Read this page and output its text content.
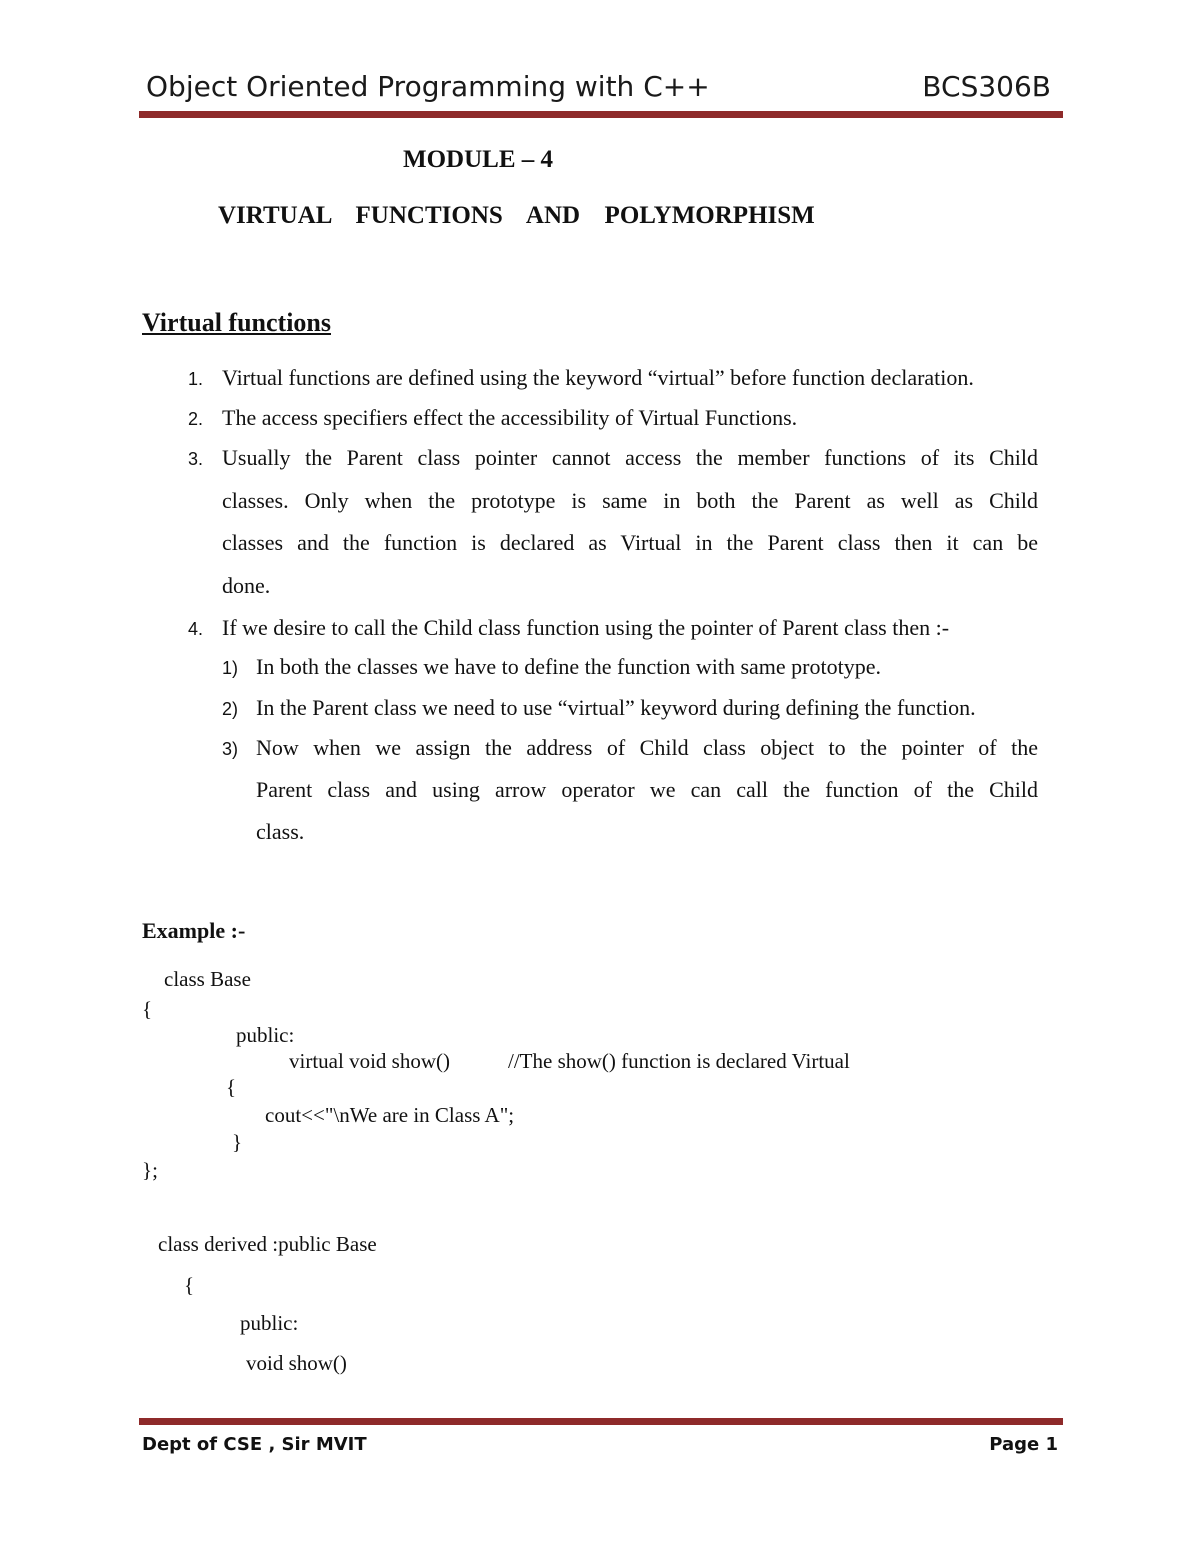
Object Oriented Programming with C++	BCS306B
MODULE – 4
VIRTUAL  FUNCTIONS  AND  POLYMORPHISM
Virtual functions
1. Virtual functions are defined using the keyword “virtual” before function declaration.
2. The access specifiers effect the accessibility of Virtual Functions.
3. Usually the Parent class pointer cannot access the member functions of its Child
classes. Only when the prototype is same in both the Parent as well as Child
classes and the function is declared as Virtual in the Parent class then it can be
done.
4. If we desire to call the Child class function using the pointer of Parent class then :-
1) In both the classes we have to define the function with same prototype.
2) In the Parent class we need to use “virtual” keyword during defining the function.
3) Now when we assign the address of Child class object to the pointer of the
Parent class and using arrow operator we can call the function of the Child
class.
Example :-
class Base
{
public:
virtual void show()	//The show() function is declared Virtual
{
cout<<"\nWe are in Class A";
}
};
class derived :public Base
{
public:
void show()
Dept of CSE , Sir MVIT	Page 1
